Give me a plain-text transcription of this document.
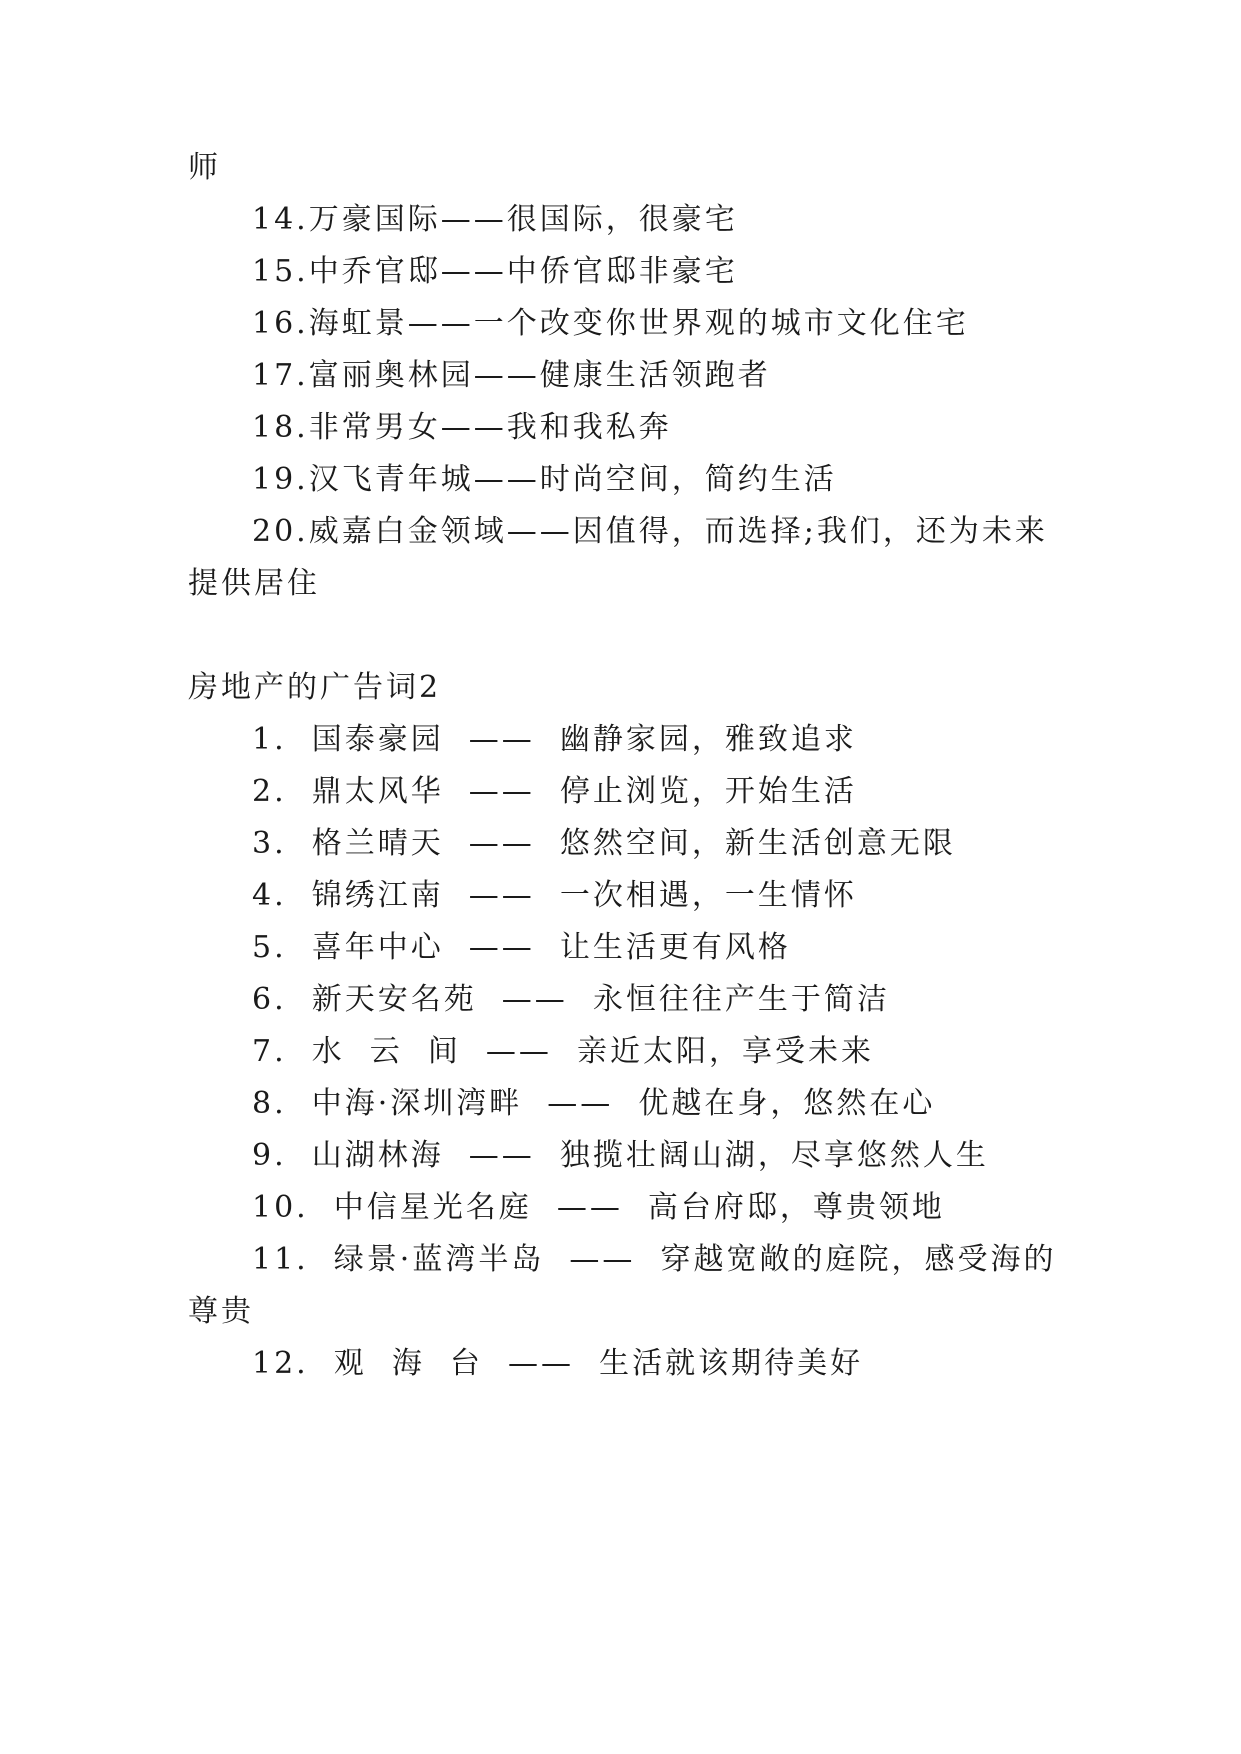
师
14.万豪国际——很国际，很豪宅
15.中乔官邸——中侨官邸非豪宅
16.海虹景——一个改变你世界观的城市文化住宅
17.富丽奥林园——健康生活领跑者
18.非常男女——我和我私奔
19.汉飞青年城——时尚空间，简约生活
20.威嘉白金领域——因值得，而选择;我们，还为未来
提供居住
房地产的广告词2
1.  国泰豪园  ——  幽静家园，雅致追求
2.  鼎太风华  ——  停止浏览，开始生活
3.  格兰晴天  ——  悠然空间，新生活创意无限
4.  锦绣江南  ——  一次相遇，一生情怀
5.  喜年中心  ——  让生活更有风格
6.  新天安名苑  ——  永恒往往产生于简洁
7.  水  云  间  ——  亲近太阳，享受未来
8.  中海·深圳湾畔  ——  优越在身，悠然在心
9.  山湖林海  ——  独揽壮阔山湖，尽享悠然人生
10.  中信星光名庭  ——  高台府邸，尊贵领地
11.  绿景·蓝湾半岛  ——  穿越宽敞的庭院，感受海的
尊贵
12.  观  海  台  ——  生活就该期待美好
